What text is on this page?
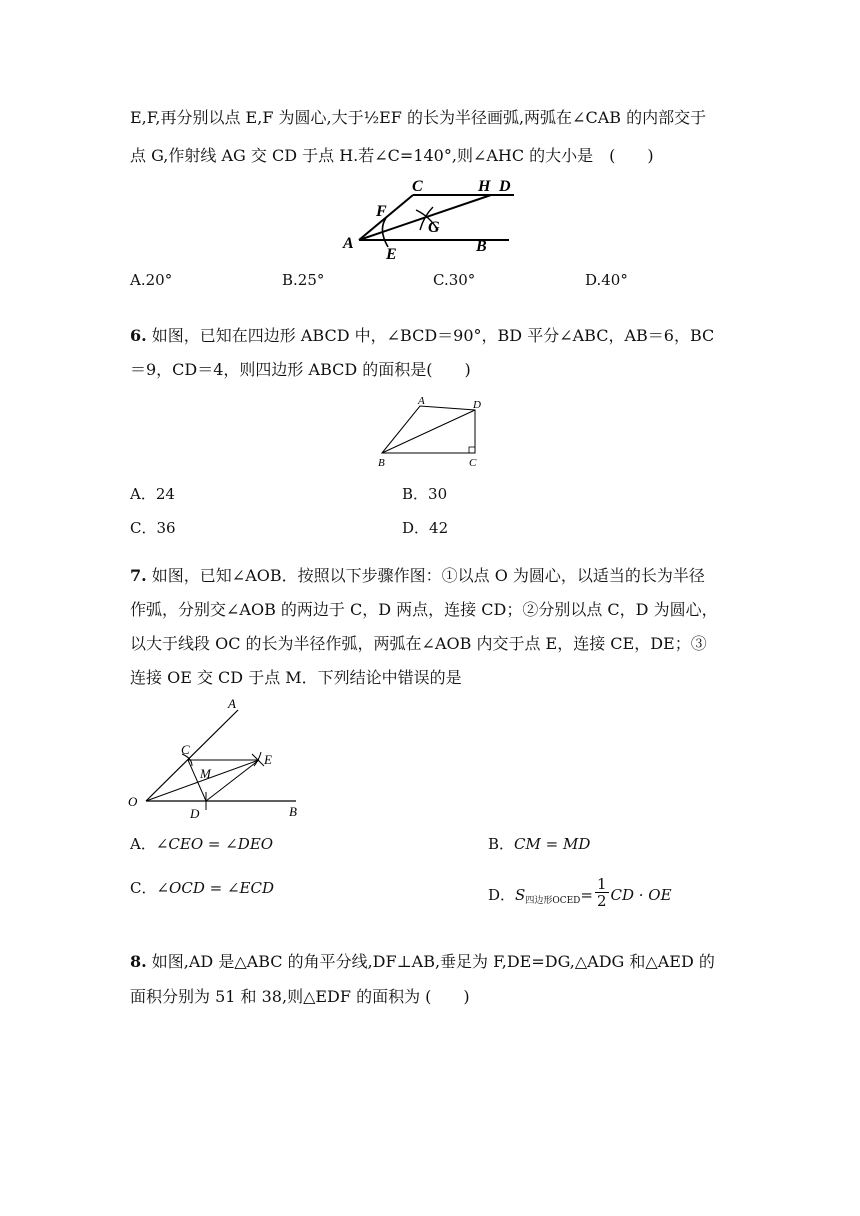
E,F,再分别以点 E,F 为圆心,大于½EF 的长为半径画弧,两弧在∠CAB 的内部交于
点 G,作射线 AG 交 CD 于点 H.若∠C=140°,则∠AHC 的大小是　(　　)
C	H D
F
G
A
E	B
A.20°	B.25°	C.30°	D.40°
6. 如图，已知在四边形 ABCD 中，∠BCD＝90°，BD 平分∠ABC，AB＝6，BC
＝9，CD＝4，则四边形 ABCD 的面积是(　　)
A	D
B	C
A．24	B．30
C．36	D．42
7. 如图，已知∠AOB．按照以下步骤作图：①以点 O 为圆心，以适当的长为半径
作弧，分别交∠AOB 的两边于 C，D 两点，连接 CD；②分别以点 C，D 为圆心，
以大于线段 OC 的长为半径作弧，两弧在∠AOB 内交于点 E，连接 CE，DE；③
连接 OE 交 CD 于点 M．下列结论中错误的是
A
C
E
M
O
D	B
A．∠CEO = ∠DEO	B．CM = MD
C．∠OCD = ∠ECD	D． S 四边形OCED = $\frac{1}{2}$ CD · OE
8. 如图,AD 是△ABC 的角平分线,DF⊥AB,垂足为 F,DE=DG,△ADG 和△AED 的
面积分别为 51 和 38,则△EDF 的面积为 (　　)
